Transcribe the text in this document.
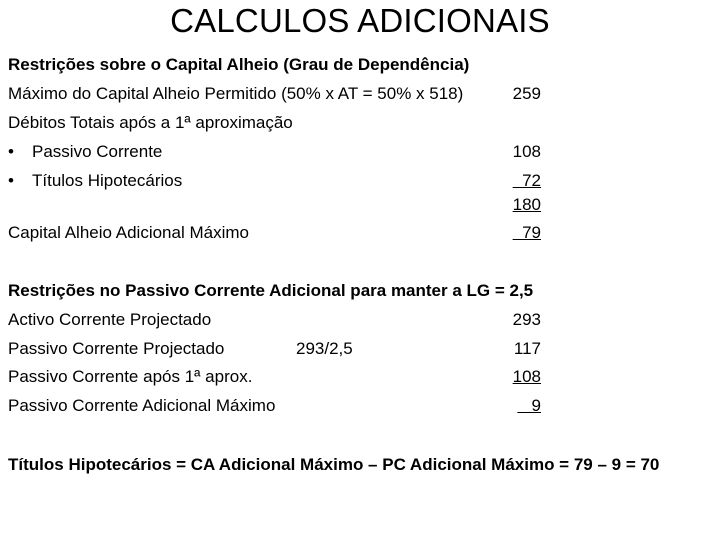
CALCULOS ADICIONAIS
Restrições sobre o Capital Alheio (Grau de Dependência)
Máximo do Capital Alheio Permitido (50% x AT = 50% x 518)	259
Débitos Totais após a 1ª aproximação
• Passivo Corrente	108
• Títulos Hipotecários	72
180
Capital Alheio Adicional Máximo	79
Restrições no Passivo Corrente Adicional para manter a LG = 2,5
Activo Corrente Projectado	293
Passivo Corrente Projectado	293/2,5	117
Passivo Corrente após 1ª aprox.	108
Passivo Corrente Adicional Máximo	9
Títulos Hipotecários = CA Adicional Máximo – PC Adicional Máximo = 79 – 9 = 70
